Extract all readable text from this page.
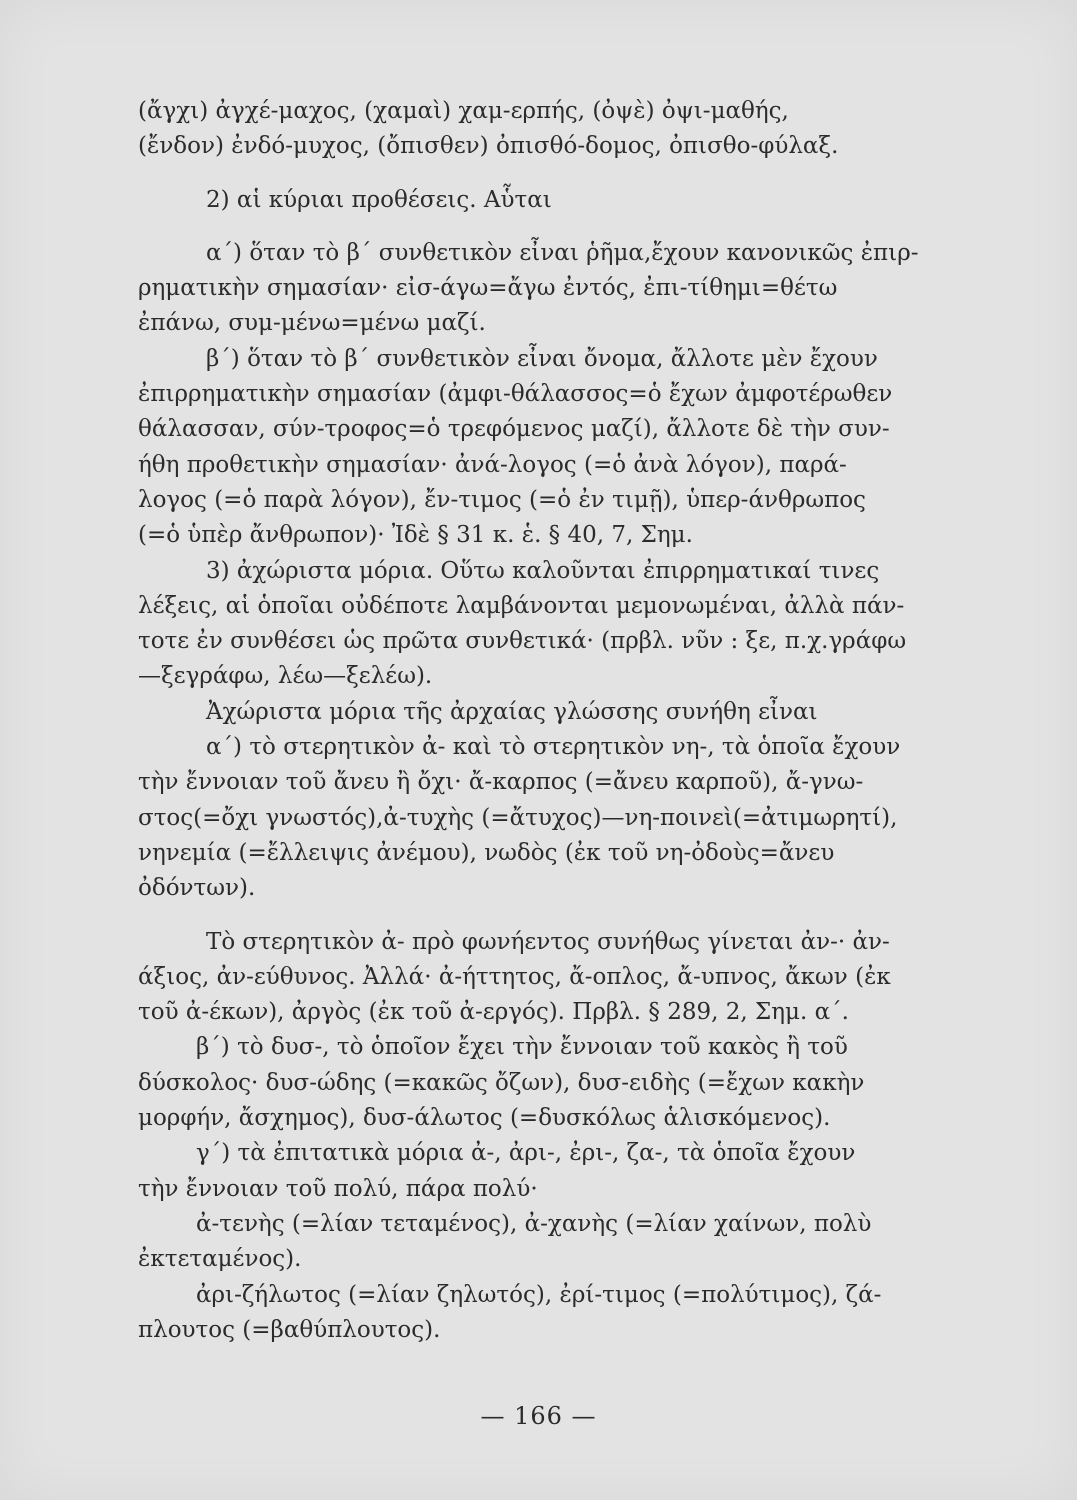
(ἄγχι) ἀγχέ-μαχος, (χαμαὶ) χαμ-ερπής, (ὀψὲ) ὀψι-μαθής,
(ἔνδον) ἐνδό-μυχος, (ὄπισθεν) ὀπισθό-δομος, ὀπισθο-φύλαξ.
2) αἱ κύριαι προθέσεις. Αὗται
α΄) ὅταν τὸ β΄ συνθετικὸν εἶναι ῥῆμα,ἔχουν κανονικῶς ἐπιρ-
ρηματικὴν σημασίαν· εἰσ-άγω=ἄγω ἐντός, ἐπι-τίθημι=θέτω
ἐπάνω, συμ-μένω=μένω μαζί.
β΄) ὅταν τὸ β΄ συνθετικὸν εἶναι ὄνομα, ἄλλοτε μὲν ἔχουν
ἐπιρρηματικὴν σημασίαν (ἀμφι-θάλασσος=ὁ ἔχων ἀμφοτέρωθεν
θάλασσαν, σύν-τροφος=ὁ τρεφόμενος μαζί), ἄλλοτε δὲ τὴν συν-
ήθη προθετικὴν σημασίαν· ἀνά-λογος (=ὁ ἀνὰ λόγον), παρά-
λογος (=ὁ παρὰ λόγον), ἔν-τιμος (=ὁ ἐν τιμῇ), ὑπερ-άνθρωπος
(=ὁ ὑπὲρ ἄνθρωπον)· Ἰδὲ § 31 κ. ἑ. § 40, 7, Σημ.
3) ἀχώριστα μόρια. Οὕτω καλοῦνται ἐπιρρηματικαί τινες
λέξεις, αἱ ὁποῖαι οὐδέποτε λαμβάνονται μεμονωμέναι, ἀλλὰ πάν-
τοτε ἐν συνθέσει ὡς πρῶτα συνθετικά· (πρβλ. νῦν : ξε, π.χ.γράφω
—ξεγράφω, λέω—ξελέω).
Ἀχώριστα μόρια τῆς ἀρχαίας γλώσσης συνήθη εἶναι
α΄) τὸ στερητικὸν ἀ- καὶ τὸ στερητικὸν νη-, τὰ ὁποῖα ἔχουν
τὴν ἔννοιαν τοῦ ἄνευ ἢ ὄχι· ἄ-καρπος (=ἄνευ καρποῦ), ἄ-γνω-
στος(=ὄχι γνωστός),ἀ-τυχὴς (=ἄτυχος)—νη-ποινεὶ(=ἀτιμωρητί),
νηνεμία (=ἔλλειψις ἀνέμου), νωδὸς (ἐκ τοῦ νη-ὀδοὺς=ἄνευ
ὀδόντων).
Τὸ στερητικὸν ἀ- πρὸ φωνήεντος συνήθως γίνεται ἀν-· ἀν-
άξιος, ἀν-εύθυνος. Ἀλλά· ἀ-ήττητος, ἄ-οπλος, ἄ-υπνος, ἄκων (ἐκ
τοῦ ἀ-έκων), ἀργὸς (ἐκ τοῦ ἀ-εργός). Πρβλ. § 289, 2, Σημ. α΄.
β΄) τὸ δυσ-, τὸ ὁποῖον ἔχει τὴν ἔννοιαν τοῦ κακὸς ἢ τοῦ
δύσκολος· δυσ-ώδης (=κακῶς ὄζων), δυσ-ειδὴς (=ἔχων κακὴν
μορφήν, ἄσχημος), δυσ-άλωτος (=δυσκόλως ἁλισκόμενος).
γ΄) τὰ ἐπιτατικὰ μόρια ἀ-, ἀρι-, ἐρι-, ζα-, τὰ ὁποῖα ἔχουν
τὴν ἔννοιαν τοῦ πολύ, πάρα πολύ·
ἀ-τενὴς (=λίαν τεταμένος), ἀ-χανὴς (=λίαν χαίνων, πολὺ
ἐκτεταμένος).
ἀρι-ζήλωτος (=λίαν ζηλωτός), ἐρί-τιμος (=πολύτιμος), ζά-
πλουτος (=βαθύπλουτος).
— 166 —
